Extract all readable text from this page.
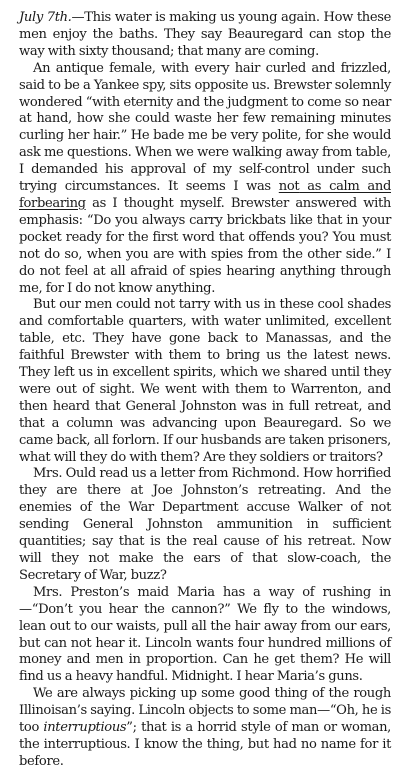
July 7th.—This water is making us young again. How these men enjoy the baths. They say Beauregard can stop the way with sixty thousand; that many are coming.

An antique female, with every hair curled and frizzled, said to be a Yankee spy, sits opposite us. Brewster solemnly wondered “with eternity and the judgment to come so near at hand, how she could waste her few remaining minutes curling her hair.” He bade me be very polite, for she would ask me questions. When we were walking away from table, I demanded his approval of my self-control under such trying circumstances. It seems I was not as calm and forbearing as I thought myself. Brewster answered with emphasis: “Do you always carry brickbats like that in your pocket ready for the first word that offends you? You must not do so, when you are with spies from the other side.” I do not feel at all afraid of spies hearing anything through me, for I do not know anything.

But our men could not tarry with us in these cool shades and comfortable quarters, with water unlimited, excellent table, etc. They have gone back to Manassas, and the faithful Brewster with them to bring us the latest news. They left us in excellent spirits, which we shared until they were out of sight. We went with them to Warrenton, and then heard that General Johnston was in full retreat, and that a column was advancing upon Beauregard. So we came back, all forlorn. If our husbands are taken prisoners, what will they do with them? Are they soldiers or traitors?

Mrs. Ould read us a letter from Richmond. How horrified they are there at Joe Johnston’s retreating. And the enemies of the War Department accuse Walker of not sending General Johnston ammunition in sufficient quantities; say that is the real cause of his retreat. Now will they not make the ears of that slow-coach, the Secretary of War, buzz?

Mrs. Preston’s maid Maria has a way of rushing in—“Don’t you hear the cannon?” We fly to the windows, lean out to our waists, pull all the hair away from our ears, but can not hear it. Lincoln wants four hundred millions of money and men in proportion. Can he get them? He will find us a heavy handful. Midnight. I hear Maria’s guns.

We are always picking up some good thing of the rough Illinoisan’s saying. Lincoln objects to some man—“Oh, he is too interruptious”; that is a horrid style of man or woman, the interruptious. I know the thing, but had no name for it before.
